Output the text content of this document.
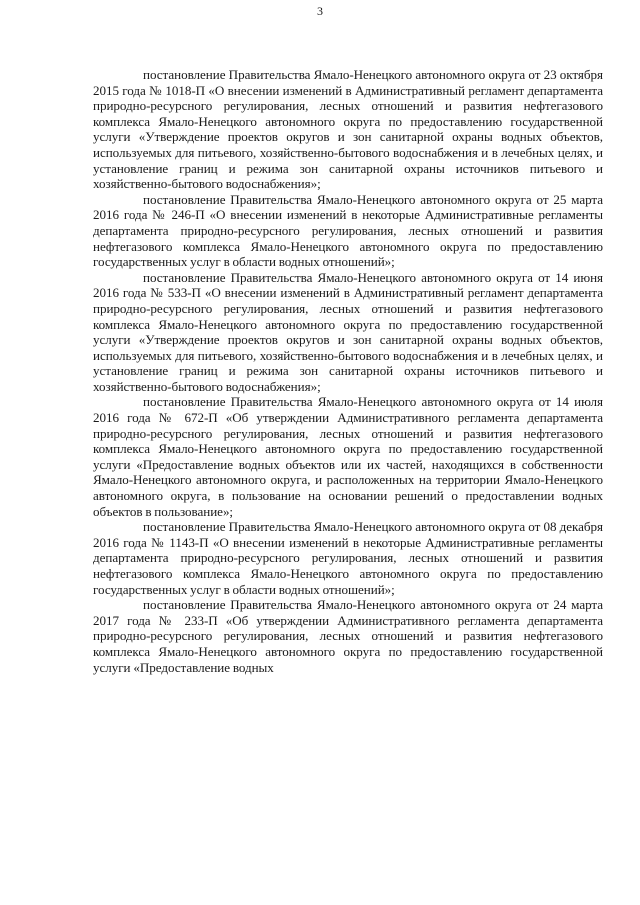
3

постановление Правительства Ямало-Ненецкого автономного округа от 23 октября 2015 года № 1018-П «О внесении изменений в Административный регламент департамента природно-ресурсного регулирования, лесных отношений и развития нефтегазового комплекса Ямало-Ненецкого автономного округа по предоставлению государственной услуги «Утверждение проектов округов и зон санитарной охраны водных объектов, используемых для питьевого, хозяйственно-бытового водоснабжения и в лечебных целях, и установление границ и режима зон санитарной охраны источников питьевого и хозяйственно-бытового водоснабжения»;

постановление Правительства Ямало-Ненецкого автономного округа от 25 марта 2016 года № 246-П «О внесении изменений в некоторые Административные регламенты департамента природно-ресурсного регулирования, лесных отношений и развития нефтегазового комплекса Ямало-Ненецкого автономного округа по предоставлению государственных услуг в области водных отношений»;

постановление Правительства Ямало-Ненецкого автономного округа от 14 июня 2016 года № 533-П «О внесении изменений в Административный регламент департамента природно-ресурсного регулирования, лесных отношений и развития нефтегазового комплекса Ямало-Ненецкого автономного округа по предоставлению государственной услуги «Утверждение проектов округов и зон санитарной охраны водных объектов, используемых для питьевого, хозяйственно-бытового водоснабжения и в лечебных целях, и установление границ и режима зон санитарной охраны источников питьевого и хозяйственно-бытового водоснабжения»;

постановление Правительства Ямало-Ненецкого автономного округа от 14 июля 2016 года № 672-П «Об утверждении Административного регламента департамента природно-ресурсного регулирования, лесных отношений и развития нефтегазового комплекса Ямало-Ненецкого автономного округа по предоставлению государственной услуги «Предоставление водных объектов или их частей, находящихся в собственности Ямало-Ненецкого автономного округа, и расположенных на территории Ямало-Ненецкого автономного округа, в пользование на основании решений о предоставлении водных объектов в пользование»;

постановление Правительства Ямало-Ненецкого автономного округа от 08 декабря 2016 года № 1143-П «О внесении изменений в некоторые Административные регламенты департамента природно-ресурсного регулирования, лесных отношений и развития нефтегазового комплекса Ямало-Ненецкого автономного округа по предоставлению государственных услуг в области водных отношений»;

постановление Правительства Ямало-Ненецкого автономного округа от 24 марта 2017 года № 233-П «Об утверждении Административного регламента департамента природно-ресурсного регулирования, лесных отношений и развития нефтегазового комплекса Ямало-Ненецкого автономного округа по предоставлению государственной услуги «Предоставление водных
